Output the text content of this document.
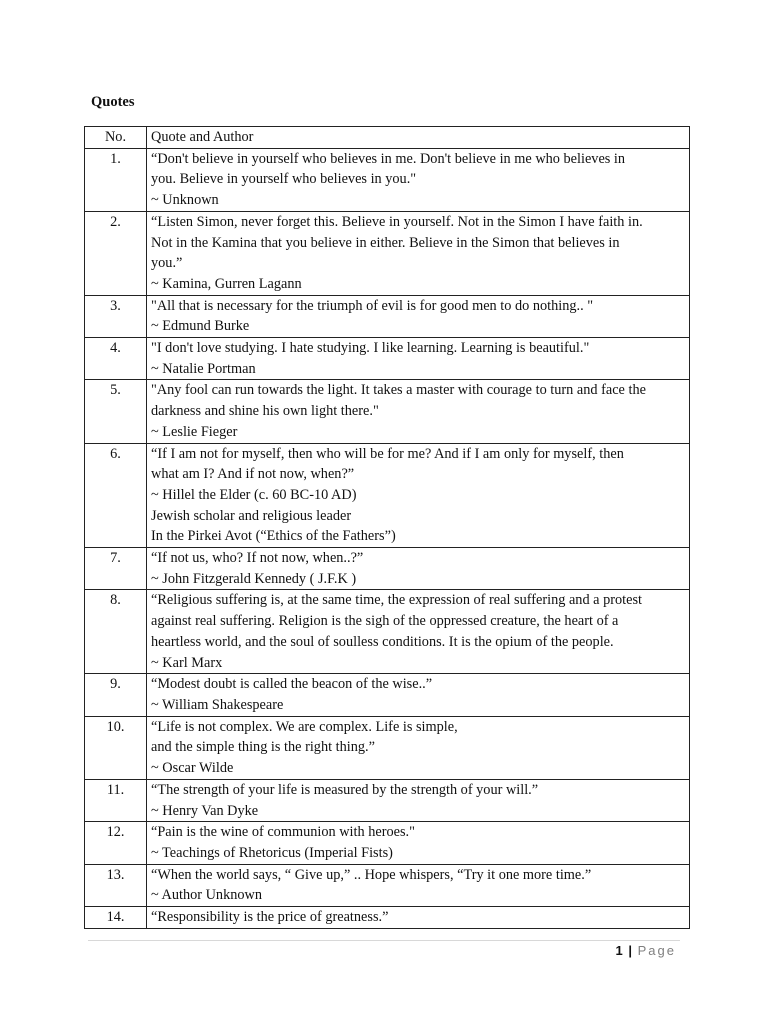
Quotes
No.	Quote and Author
1.	“Don't believe in yourself who believes in me. Don't believe in me who believes in
you. Believe in yourself who believes in you."
~ Unknown

2.	“Listen Simon, never forget this. Believe in yourself. Not in the Simon I have faith in.
Not in the Kamina that you believe in either. Believe in the Simon that believes in
you.”
~ Kamina, Gurren Lagann

3.	"All that is necessary for the triumph of evil is for good men to do nothing.. "
~ Edmund Burke

4.	"I don't love studying. I hate studying. I like learning. Learning is beautiful."
~ Natalie Portman

5.	"Any fool can run towards the light. It takes a master with courage to turn and face the
darkness and shine his own light there."
~ Leslie Fieger

6.	“If I am not for myself, then who will be for me? And if I am only for myself, then
what am I? And if not now, when?”
~ Hillel the Elder (c. 60 BC-10 AD)
Jewish scholar and religious leader
In the Pirkei Avot (“Ethics of the Fathers”)

7.	“If not us, who? If not now, when..?”
~ John Fitzgerald Kennedy ( J.F.K )

8.	“Religious suffering is, at the same time, the expression of real suffering and a protest
against real suffering. Religion is the sigh of the oppressed creature, the heart of a
heartless world, and the soul of soulless conditions. It is the opium of the people.
~ Karl Marx

9.	“Modest doubt is called the beacon of the wise..”
~ William Shakespeare

10.	“Life is not complex. We are complex. Life is simple,
and the simple thing is the right thing.”
~ Oscar Wilde

11.	“The strength of your life is measured by the strength of your will.”
~ Henry Van Dyke

12.	“Pain is the wine of communion with heroes."
~ Teachings of Rhetoricus (Imperial Fists)

13.	“When the world says, “ Give up,” .. Hope whispers, “Try it one more time.”
~ Author Unknown

14.	“Responsibility is the price of greatness.”
1 | Page
